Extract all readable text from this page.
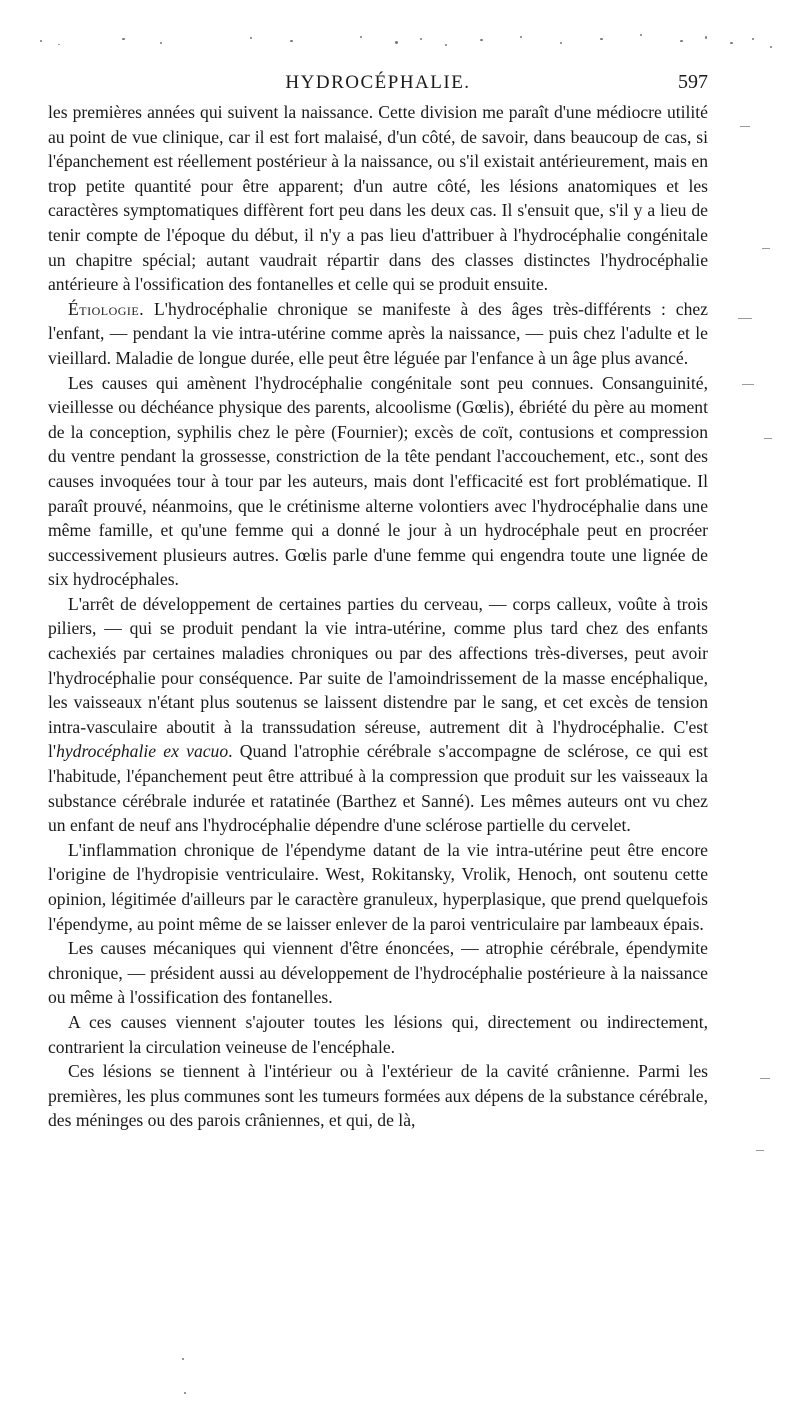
HYDROCÉPHALIE.	597

les premières années qui suivent la naissance. Cette division me paraît d'une médiocre utilité au point de vue clinique, car il est fort malaisé, d'un côté, de savoir, dans beaucoup de cas, si l'épanchement est réellement postérieur à la naissance, ou s'il existait antérieurement, mais en trop petite quantité pour être apparent; d'un autre côté, les lésions anatomiques et les caractères symptomatiques diffèrent fort peu dans les deux cas. Il s'ensuit que, s'il y a lieu de tenir compte de l'époque du début, il n'y a pas lieu d'attribuer à l'hydrocéphalie congénitale un chapitre spécial; autant vaudrait répartir dans des classes distinctes l'hydrocéphalie antérieure à l'ossification des fontanelles et celle qui se produit ensuite.

Étiologie. L'hydrocéphalie chronique se manifeste à des âges très-différents : chez l'enfant, — pendant la vie intra-utérine comme après la naissance, — puis chez l'adulte et le vieillard. Maladie de longue durée, elle peut être léguée par l'enfance à un âge plus avancé.

Les causes qui amènent l'hydrocéphalie congénitale sont peu connues. Consanguinité, vieillesse ou déchéance physique des parents, alcoolisme (Gœlis), ébriété du père au moment de la conception, syphilis chez le père (Fournier); excès de coït, contusions et compression du ventre pendant la grossesse, constriction de la tête pendant l'accouchement, etc., sont des causes invoquées tour à tour par les auteurs, mais dont l'efficacité est fort problématique. Il paraît prouvé, néanmoins, que le crétinisme alterne volontiers avec l'hydrocéphalie dans une même famille, et qu'une femme qui a donné le jour à un hydrocéphale peut en procréer successivement plusieurs autres. Gœlis parle d'une femme qui engendra toute une lignée de six hydrocéphales.

L'arrêt de développement de certaines parties du cerveau, — corps calleux, voûte à trois piliers, — qui se produit pendant la vie intra-utérine, comme plus tard chez des enfants cachexiés par certaines maladies chroniques ou par des affections très-diverses, peut avoir l'hydrocéphalie pour conséquence. Par suite de l'amoindrissement de la masse encéphalique, les vaisseaux n'étant plus soutenus se laissent distendre par le sang, et cet excès de tension intra-vasculaire aboutit à la transsudation séreuse, autrement dit à l'hydrocéphalie. C'est l'hydrocéphalie ex vacuo. Quand l'atrophie cérébrale s'accompagne de sclérose, ce qui est l'habitude, l'épanchement peut être attribué à la compression que produit sur les vaisseaux la substance cérébrale indurée et ratatinée (Barthez et Sanné). Les mêmes auteurs ont vu chez un enfant de neuf ans l'hydrocéphalie dépendre d'une sclérose partielle du cervelet.

L'inflammation chronique de l'épendyme datant de la vie intra-utérine peut être encore l'origine de l'hydropisie ventriculaire. West, Rokitansky, Vrolik, Henoch, ont soutenu cette opinion, légitimée d'ailleurs par le caractère granuleux, hyperplasique, que prend quelquefois l'épendyme, au point même de se laisser enlever de la paroi ventriculaire par lambeaux épais.

Les causes mécaniques qui viennent d'être énoncées, — atrophie cérébrale, épendymite chronique, — président aussi au développement de l'hydrocéphalie postérieure à la naissance ou même à l'ossification des fontanelles.

A ces causes viennent s'ajouter toutes les lésions qui, directement ou indirectement, contrarient la circulation veineuse de l'encéphale.

Ces lésions se tiennent à l'intérieur ou à l'extérieur de la cavité crânienne. Parmi les premières, les plus communes sont les tumeurs formées aux dépens de la substance cérébrale, des méninges ou des parois crâniennes, et qui, de là,
